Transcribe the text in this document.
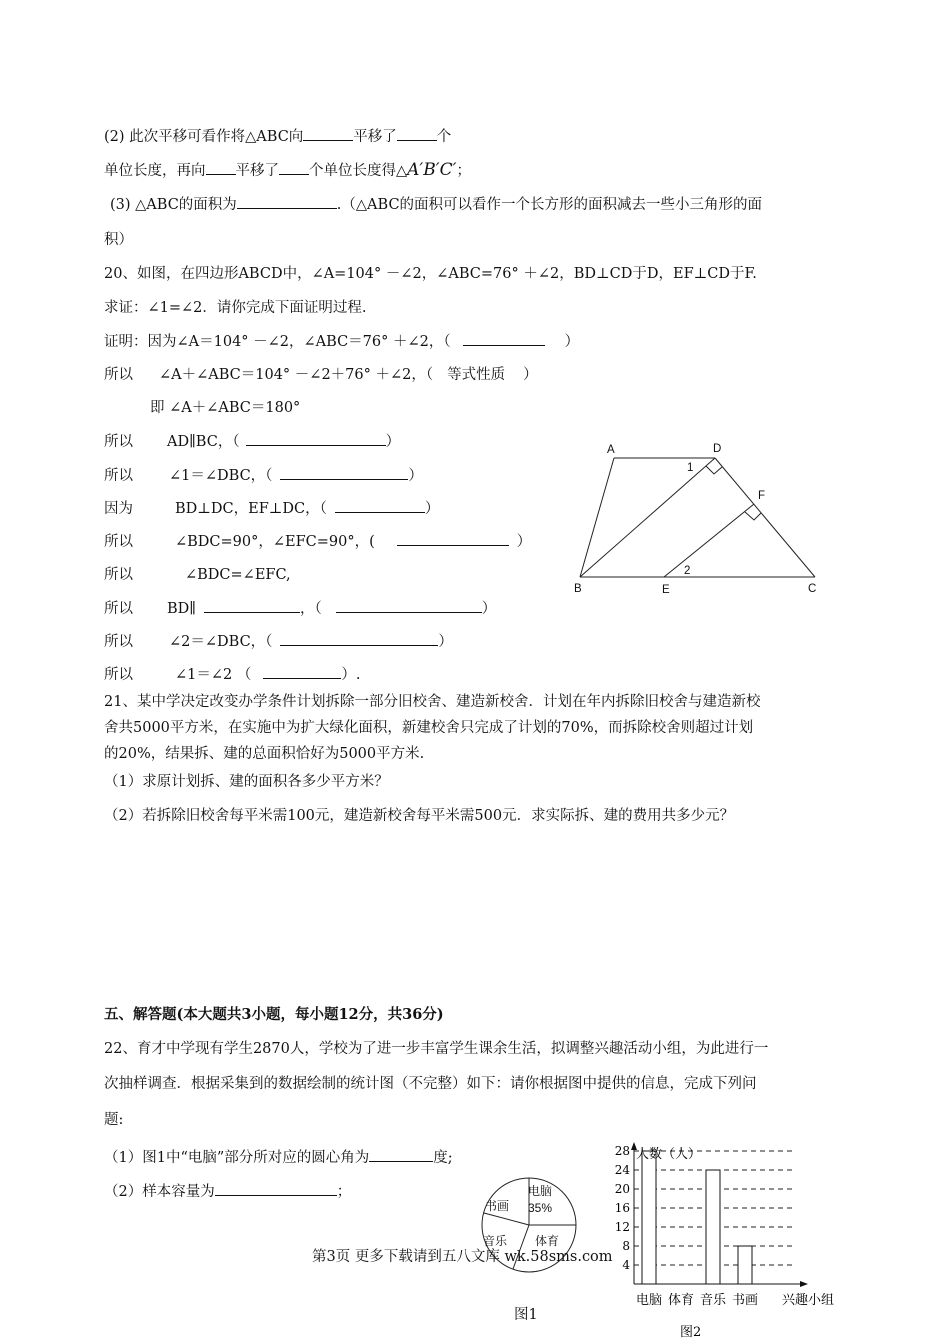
(2) 此次平移可看作将△ABC向	平移了	个
单位长度，再向 平移了 个单位长度得△A′B′C′；
(3) △ABC的面积为	.（△ABC的面积可以看作一个长方形的面积减去一些小三角形的面
积）
20、如图，在四边形ABCD中，∠A=104° －∠2，∠ABC=76° ＋∠2，BD⊥CD于D，EF⊥CD于F.
求证：∠1=∠2．请你完成下面证明过程.
证明：因为∠A＝104° －∠2，∠ABC＝76° ＋∠2，（	）
所以 ∠A＋∠ABC＝104° －∠2＋76° ＋∠2，（ 等式性质 ）
即 ∠A＋∠ABC＝180°
所以 AD∥BC，（	）
所以 ∠1＝∠DBC，（	）
因为	BD⊥DC，EF⊥DC，（	）
所以	∠BDC=90°，∠EFC=90°，(	）
所以	∠BDC=∠EFC,
所以 BD∥	，（	）
所以 ∠2＝∠DBC，（	）
所以	∠1＝∠2 （	）.
A	D
F
B	E	C
1
2
21、某中学决定改变办学条件计划拆除一部分旧校舍、建造新校舍．计划在年内拆除旧校舍与建造新校
舍共5000平方米，在实施中为扩大绿化面积，新建校舍只完成了计划的70%，而拆除校舍则超过计划
的20%，结果拆、建的总面积恰好为5000平方米.
（1）求原计划拆、建的面积各多少平方米？
（2）若拆除旧校舍每平米需100元，建造新校舍每平米需500元．求实际拆、建的费用共多少元？
五、解答题(本大题共3小题，每小题12分，共36分)
22、育才中学现有学生2870人，学校为了进一步丰富学生课余生活，拟调整兴趣活动小组，为此进行一
次抽样调查．根据采集到的数据绘制的统计图（不完整）如下：请你根据图中提供的信息，完成下列问
题:
（1）图1中“电脑”部分所对应的圆心角为	度;
（2）样本容量为	；	电脑
35%
书画
音乐 体育
第3页 更多下载请到五八文库 wk.58sms.com
图1
4
8
12
16
20
24
28
电脑 体育 音乐 书画
人数（人）
兴趣小组
图2
